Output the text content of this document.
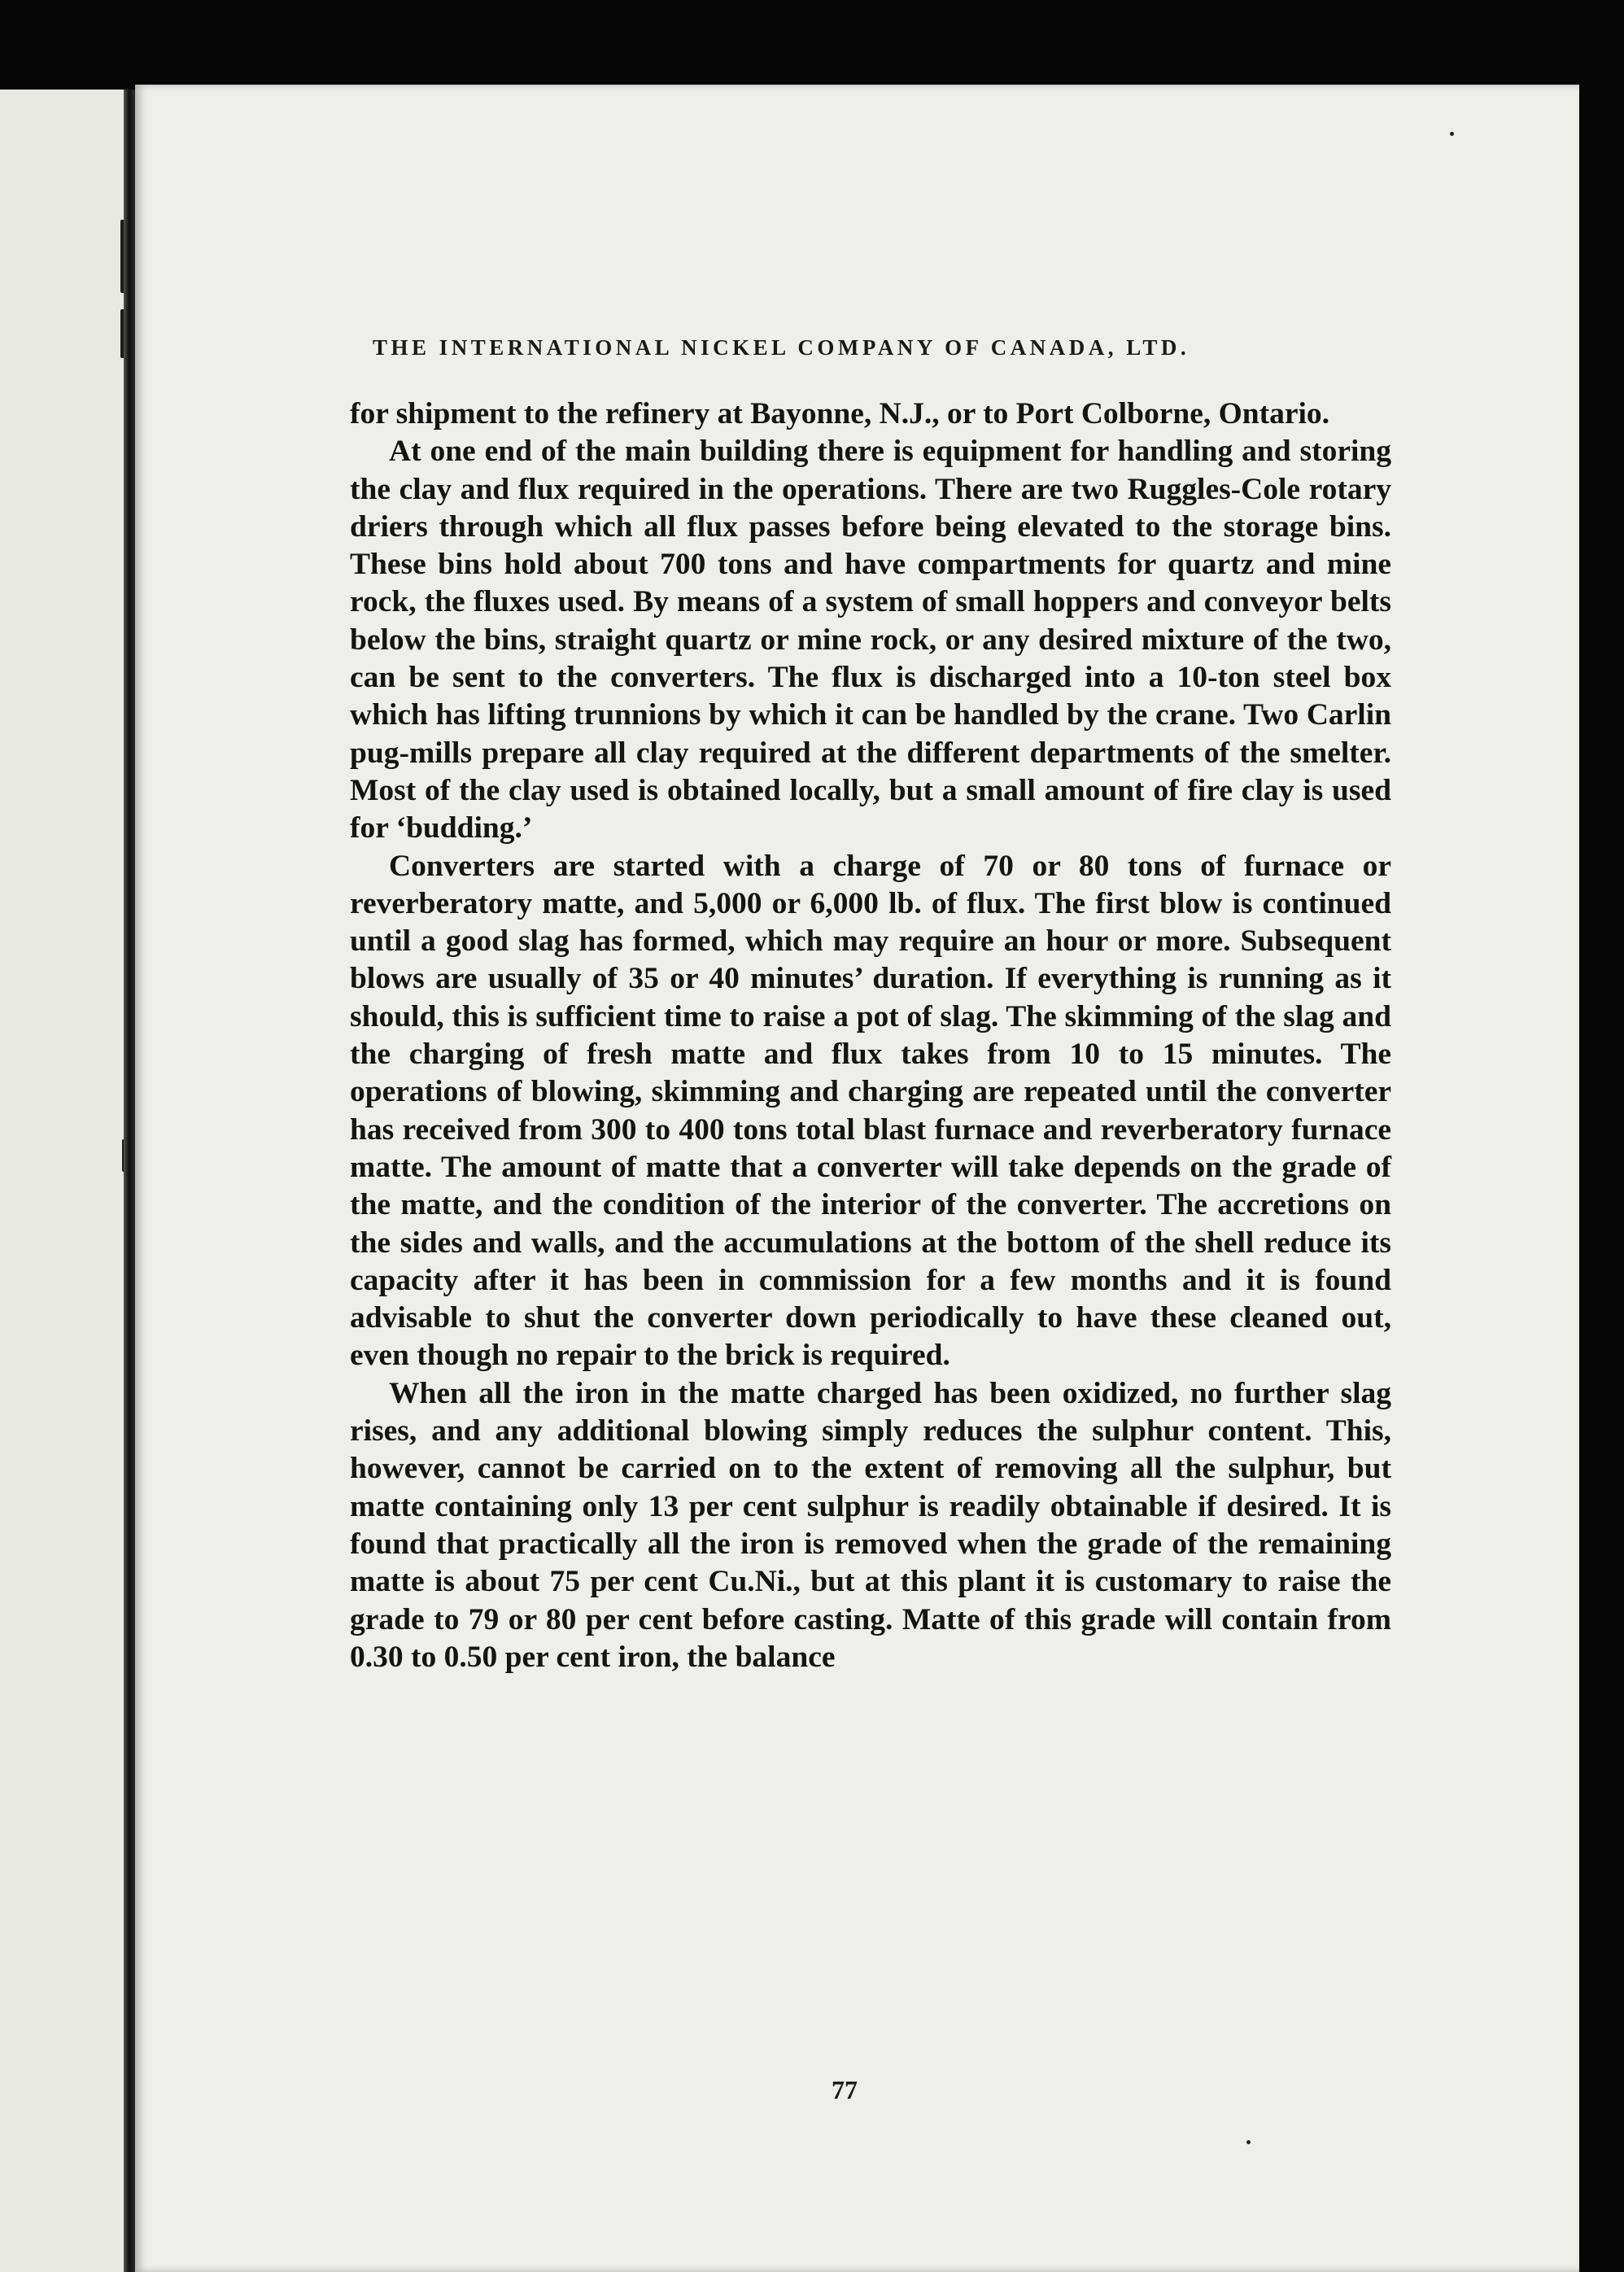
THE INTERNATIONAL NICKEL COMPANY OF CANADA, LTD.

for shipment to the refinery at Bayonne, N.J., or to Port Colborne, Ontario.

At one end of the main building there is equipment for handling and storing the clay and flux required in the operations. There are two Ruggles-Cole rotary driers through which all flux passes before being elevated to the storage bins. These bins hold about 700 tons and have compartments for quartz and mine rock, the fluxes used. By means of a system of small hoppers and conveyor belts below the bins, straight quartz or mine rock, or any desired mixture of the two, can be sent to the converters. The flux is discharged into a 10-ton steel box which has lifting trunnions by which it can be handled by the crane. Two Carlin pug-mills prepare all clay required at the different departments of the smelter. Most of the clay used is obtained locally, but a small amount of fire clay is used for ‘budding.’

Converters are started with a charge of 70 or 80 tons of furnace or reverberatory matte, and 5,000 or 6,000 lb. of flux. The first blow is continued until a good slag has formed, which may require an hour or more. Subsequent blows are usually of 35 or 40 minutes’ duration. If everything is running as it should, this is sufficient time to raise a pot of slag. The skimming of the slag and the charging of fresh matte and flux takes from 10 to 15 minutes. The operations of blowing, skimming and charging are repeated until the converter has received from 300 to 400 tons total blast furnace and reverberatory furnace matte. The amount of matte that a converter will take depends on the grade of the matte, and the condition of the interior of the converter. The accretions on the sides and walls, and the accumulations at the bottom of the shell reduce its capacity after it has been in commission for a few months and it is found advisable to shut the converter down periodically to have these cleaned out, even though no repair to the brick is required.

When all the iron in the matte charged has been oxidized, no further slag rises, and any additional blowing simply reduces the sulphur content. This, however, cannot be carried on to the extent of removing all the sulphur, but matte containing only 13 per cent sulphur is readily obtainable if desired. It is found that practically all the iron is removed when the grade of the remaining matte is about 75 per cent Cu.Ni., but at this plant it is customary to raise the grade to 79 or 80 per cent before casting. Matte of this grade will contain from 0.30 to 0.50 per cent iron, the balance

77
